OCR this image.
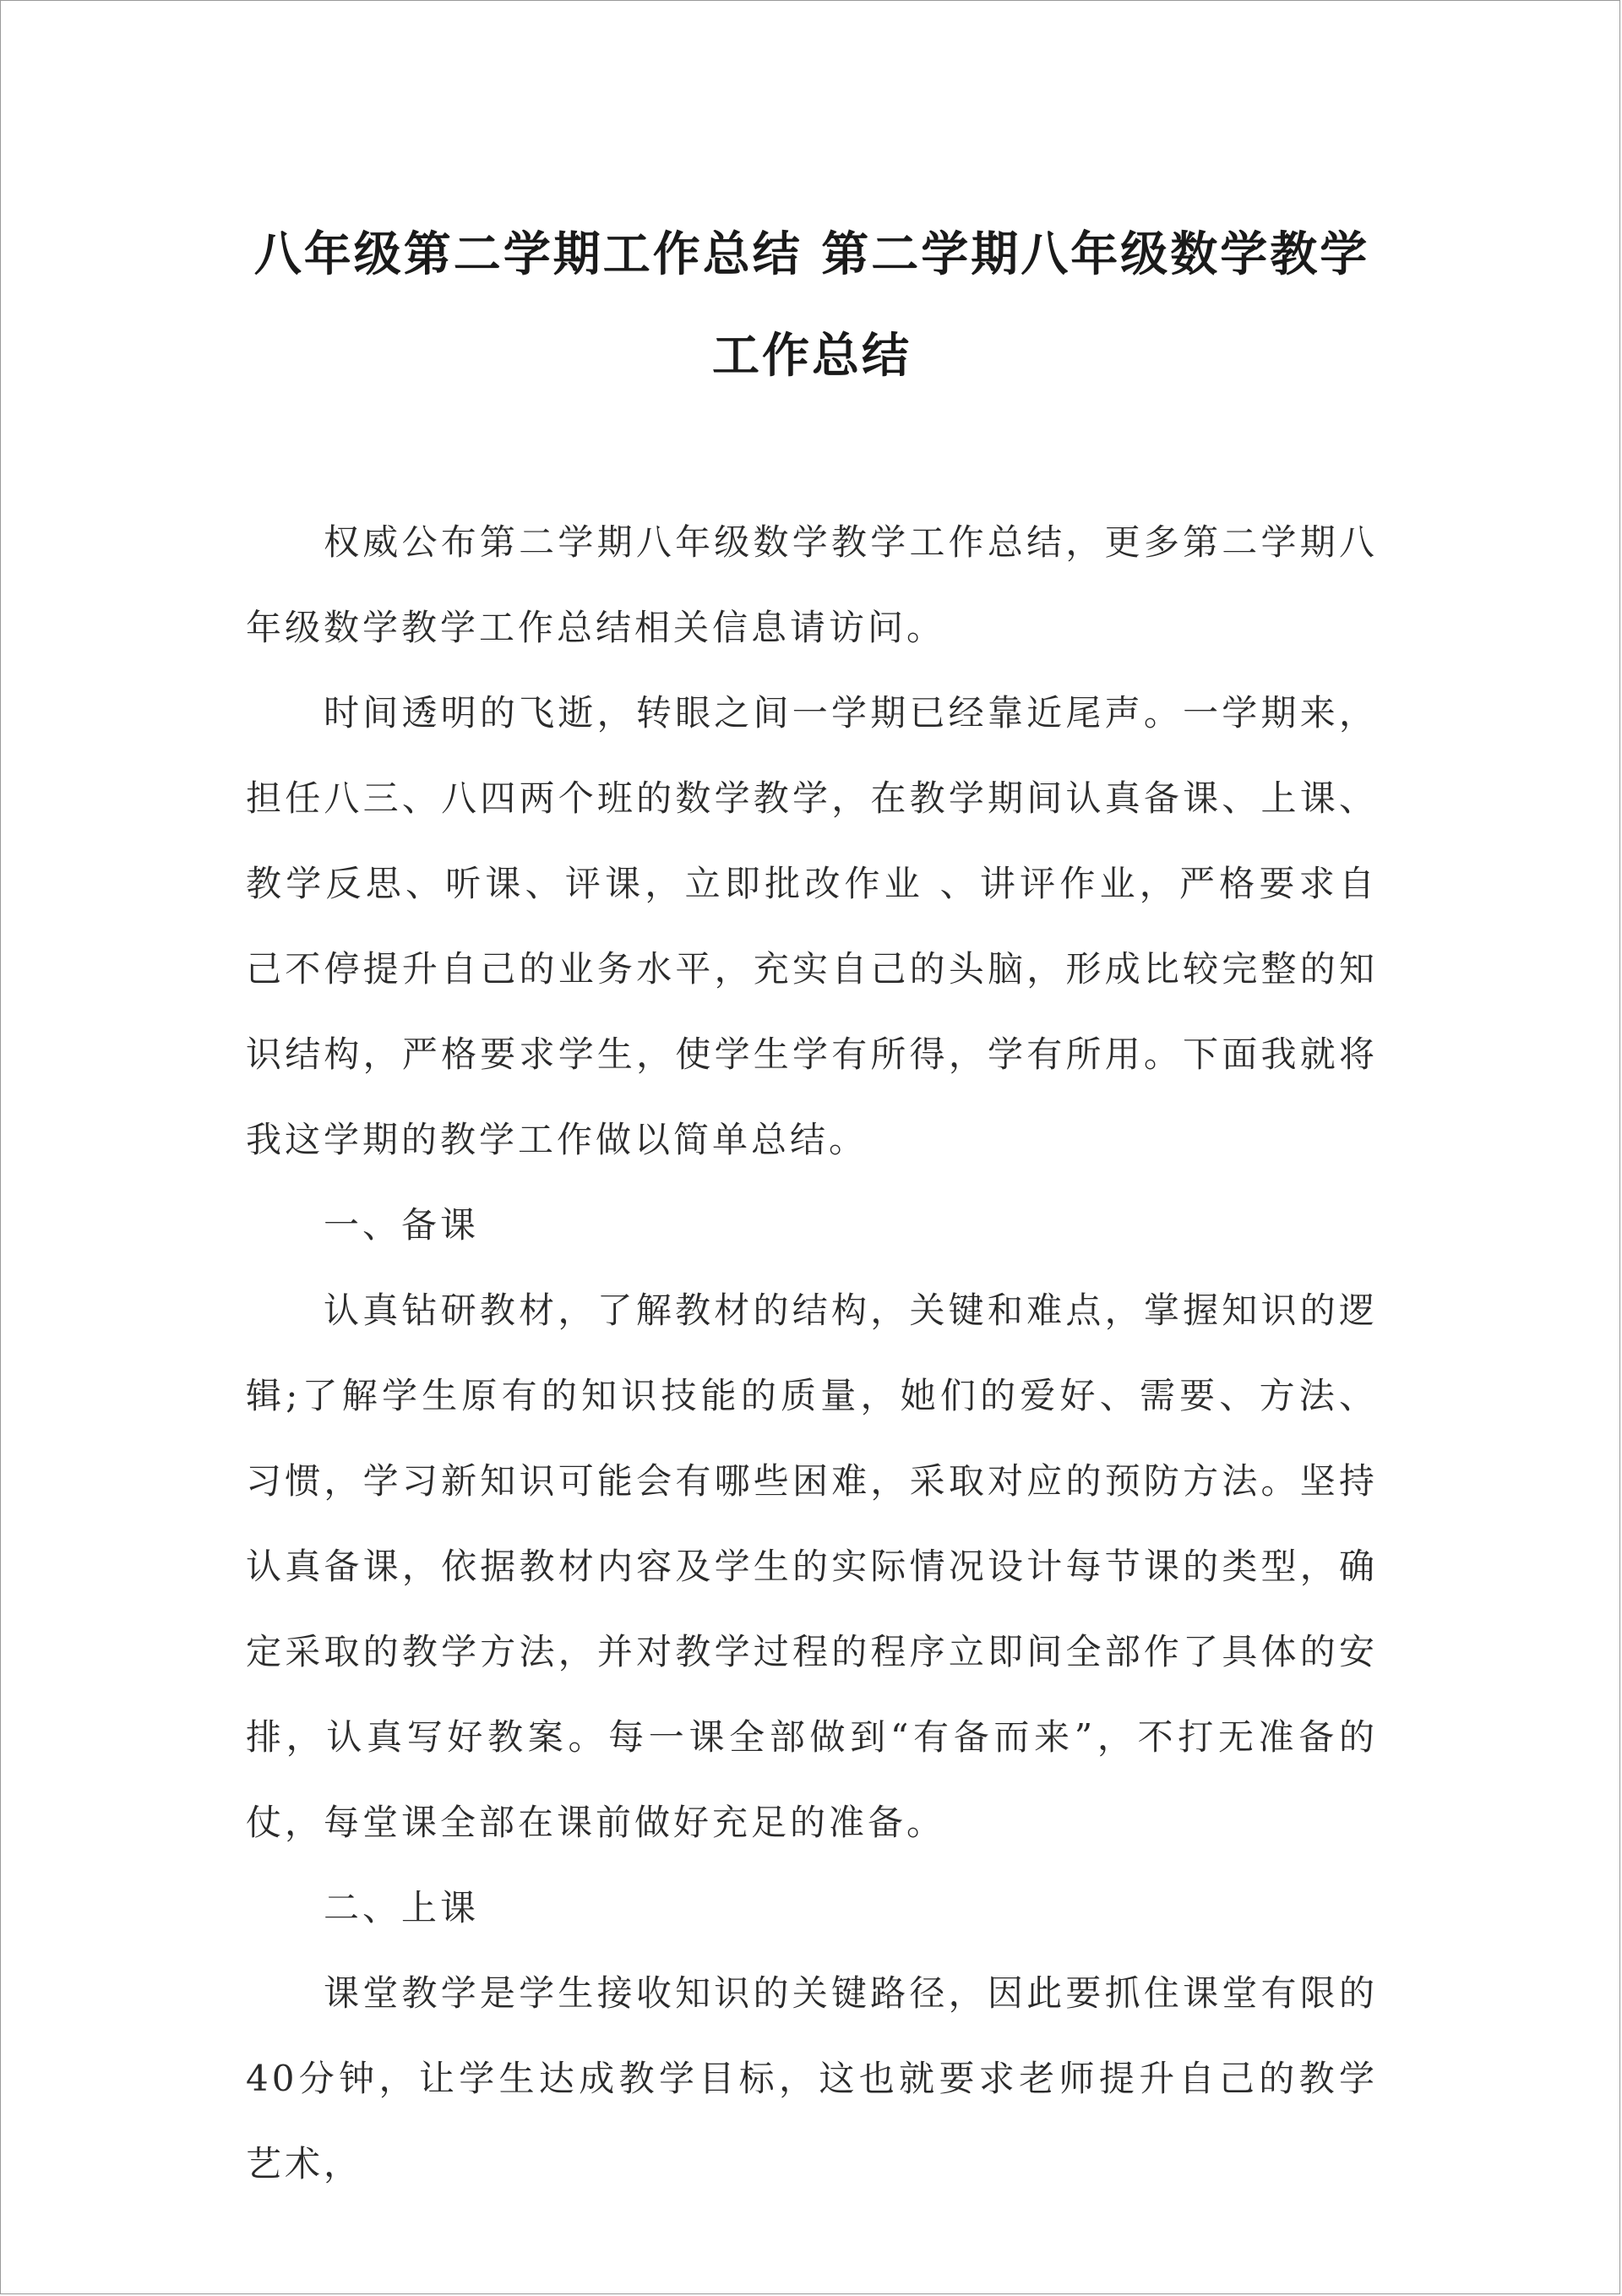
八年级第二学期工作总结 第二学期八年级数学教学工作总结

权威公布第二学期八年级数学教学工作总结，更多第二学期八年级数学教学工作总结相关信息请访问。

时间透明的飞逝，转眼之间一学期已经靠近尾声。一学期来，担任八三、八四两个班的数学教学，在教学期间认真备课、上课、教学反思、听课、评课，立即批改作业 、讲评作业，严格要求自己不停提升自己的业务水平，充实自己的头脑，形成比较完整的知识结构，严格要求学生，使学生学有所得，学有所用。下面我就将我这学期的教学工作做以简单总结。

一、备课

认真钻研教材，了解教材的结构，关键和难点，掌握知识的逻辑;了解学生原有的知识技能的质量，她们的爱好、需要、方法、习惯，学习新知识可能会有哪些困难，采取对应的预防方法。坚持认真备课，依据教材内容及学生的实际情况设计每节课的类型，确定采取的教学方法，并对教学过程的程序立即间全部作了具体的安排，认真写好教案。每一课全部做到“有备而来”，不打无准备的仗，每堂课全部在课前做好充足的准备。

二、上课

课堂教学是学生接收知识的关键路径，因此要抓住课堂有限的40分钟，让学生达成教学目标，这也就要求老师提升自己的教学艺术，
